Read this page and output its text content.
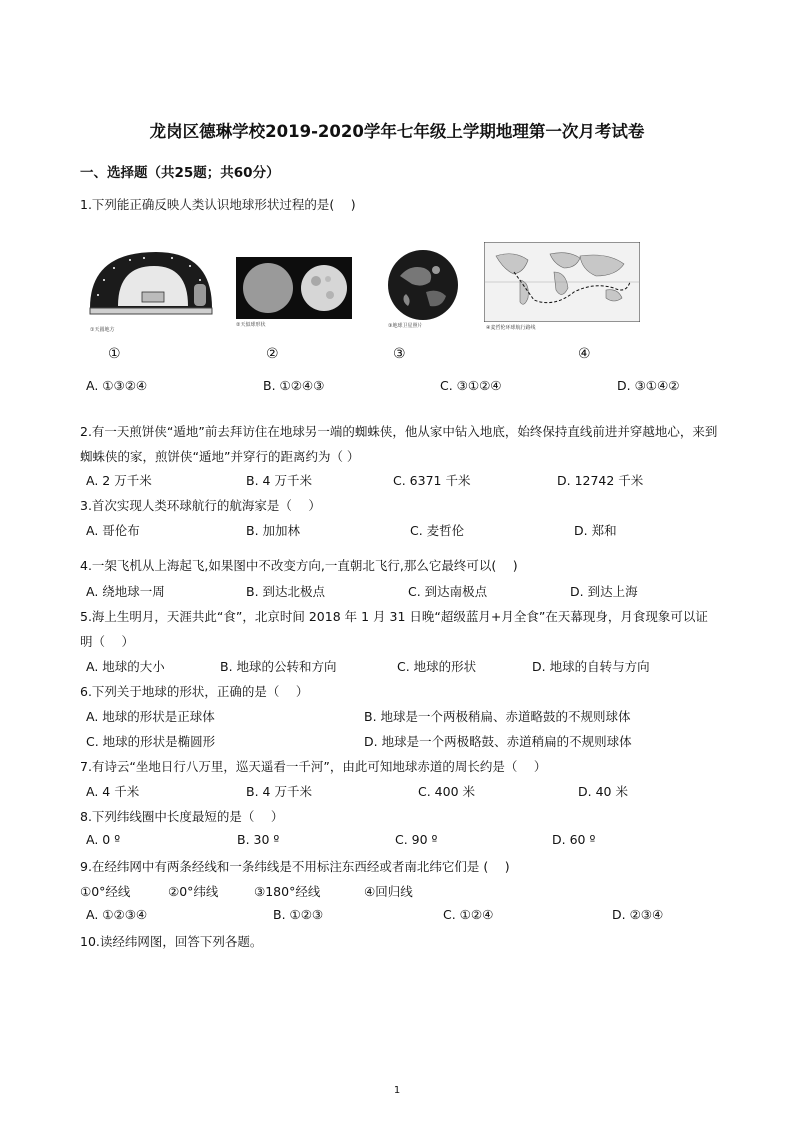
龙岗区德琳学校2019-2020学年七年级上学期地理第一次月考试卷
一、选择题（共25题；共60分）
1.下列能正确反映人类认识地球形状过程的是(　 )
①天圆地方
②天似球形状	③地球卫星照片	④麦哲伦环球航行路线
①	②	③	④
A. ①③②④	B. ①②④③	C. ③①②④	D. ③①④②
2.有一天煎饼侠“遁地”前去拜访住在地球另一端的蜘蛛侠，他从家中钻入地底，始终保持直线前进并穿越地心，来到蜘蛛侠的家，煎饼侠“遁地”并穿行的距离约为（ ）
A. 2 万千米	B. 4 万千米	C. 6371 千米	D. 12742 千米
3.首次实现人类环球航行的航海家是（　 ）
A. 哥伦布	B. 加加林	C. 麦哲伦	D. 郑和
4.一架飞机从上海起飞,如果图中不改变方向,一直朝北飞行,那么它最终可以(　 )
A. 绕地球一周	B. 到达北极点	C. 到达南极点	D. 到达上海
5.海上生明月，天涯共此“食”，北京时间 2018 年 1 月 31 日晚“超级蓝月+月全食”在天幕现身，月食现象可以证明（　 ）
A. 地球的大小	B. 地球的公转和方向	C. 地球的形状	D. 地球的自转与方向
6.下列关于地球的形状，正确的是（　 ）
A. 地球的形状是正球体	B. 地球是一个两极稍扁、赤道略鼓的不规则球体
C. 地球的形状是椭圆形	D. 地球是一个两极略鼓、赤道稍扁的不规则球体
7.有诗云“坐地日行八万里，巡天遥看一千河”，由此可知地球赤道的周长约是（　 ）
A. 4 千米	B. 4 万千米	C. 400 米	D. 40 米
8.下列纬线圈中长度最短的是（　 ）
A. 0 º	B. 30 º	C. 90 º	D. 60 º
9.在经纬网中有两条经线和一条纬线是不用标注东西经或者南北纬它们是 (　 )
①0°经线	②0°纬线	③180°经线	④回归线
A. ①②③④	B. ①②③	C. ①②④	D. ②③④
10.读经纬网图，回答下列各题。
1
